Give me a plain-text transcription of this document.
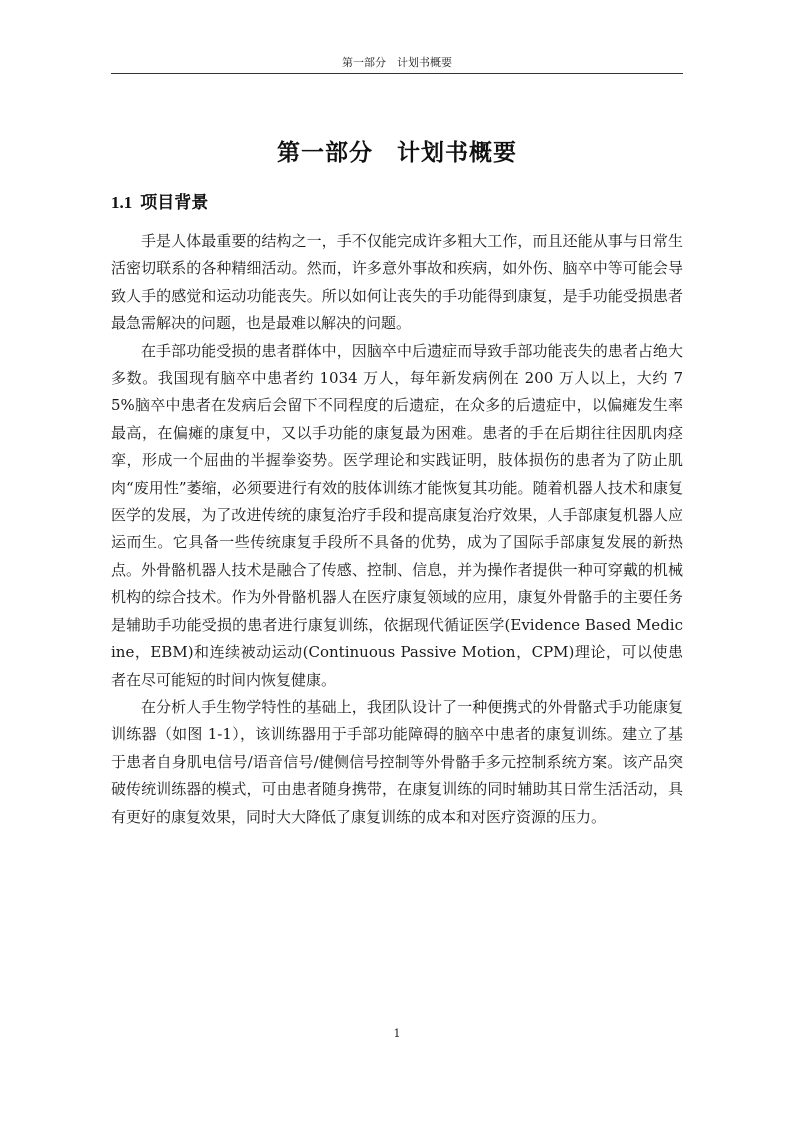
第一部分　计划书概要
第一部分　计划书概要
1.1 项目背景

手是人体最重要的结构之一，手不仅能完成许多粗大工作，而且还能从事与日常生活密切联系的各种精细活动。然而，许多意外事故和疾病，如外伤、脑卒中等可能会导致人手的感觉和运动功能丧失。所以如何让丧失的手功能得到康复，是手功能受损患者最急需解决的问题，也是最难以解决的问题。

在手部功能受损的患者群体中，因脑卒中后遗症而导致手部功能丧失的患者占绝大多数。我国现有脑卒中患者约 1034 万人，每年新发病例在 200 万人以上，大约 75%脑卒中患者在发病后会留下不同程度的后遗症，在众多的后遗症中，以偏瘫发生率最高，在偏瘫的康复中，又以手功能的康复最为困难。患者的手在后期往往因肌肉痉挛，形成一个屈曲的半握拳姿势。医学理论和实践证明，肢体损伤的患者为了防止肌肉“废用性”萎缩，必须要进行有效的肢体训练才能恢复其功能。随着机器人技术和康复医学的发展，为了改进传统的康复治疗手段和提高康复治疗效果，人手部康复机器人应运而生。它具备一些传统康复手段所不具备的优势，成为了国际手部康复发展的新热点。外骨骼机器人技术是融合了传感、控制、信息，并为操作者提供一种可穿戴的机械机构的综合技术。作为外骨骼机器人在医疗康复领域的应用，康复外骨骼手的主要任务是辅助手功能受损的患者进行康复训练，依据现代循证医学(Evidence Based Medicine，EBM)和连续被动运动(Continuous Passive Motion，CPM)理论，可以使患者在尽可能短的时间内恢复健康。

在分析人手生物学特性的基础上，我团队设计了一种便携式的外骨骼式手功能康复训练器（如图 1-1），该训练器用于手部功能障碍的脑卒中患者的康复训练。建立了基于患者自身肌电信号/语音信号/健侧信号控制等外骨骼手多元控制系统方案。该产品突破传统训练器的模式，可由患者随身携带，在康复训练的同时辅助其日常生活活动，具有更好的康复效果，同时大大降低了康复训练的成本和对医疗资源的压力。

1
